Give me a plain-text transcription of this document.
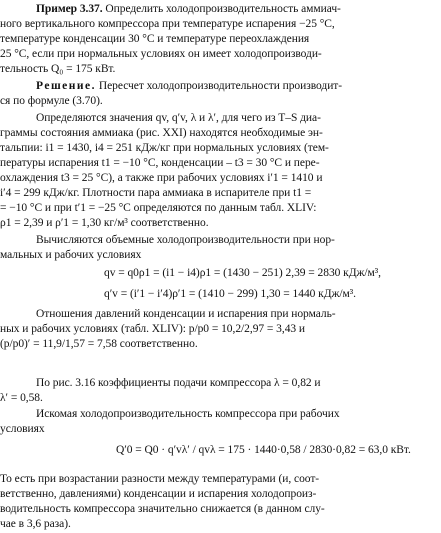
Пример 3.37. Определить холодопроизводительность аммиач-
ного вертикального компрессора при температуре испарения −25 °С,
температуре конденсации 30 °С и температуре переохлаждения
25 °С, если при нормальных условиях он имеет холодопроизводи-
тельность Q₀ = 175 кВт.
Решение. Пересчет холодопроизводительности производит-
ся по формуле (3.70).
Определяются значения qv, q′v, λ и λ′, для чего из T–S диа-
граммы состояния аммиака (рис. XXI) находятся необходимые эн-
тальпии: i1 = 1430, i4 = 251 кДж/кг при нормальных условиях (тем-
пературы испарения t1 = −10 °С, конденсации – t3 = 30 °С и пере-
охлаждения t3 = 25 °С), а также при рабочих условиях i′1 = 1410 и
i′4 = 299 кДж/кг. Плотности пара аммиака в испарителе при t1 =
= −10 °С и при t′1 = −25 °С определяются по данным табл. XLIV:
ρ1 = 2,39 и ρ′1 = 1,30 кг/м³ соответственно.
Вычисляются объемные холодопроизводительности при нор-
мальных и рабочих условиях
qv = q0ρ1 = (i1 − i4)ρ1 = (1430 − 251) 2,39 = 2830 кДж/м³,
q′v = (i′1 − i′4)ρ′1 = (1410 − 299) 1,30 = 1440 кДж/м³.
Отношения давлений конденсации и испарения при нормаль-
ных и рабочих условиях (табл. XLIV): p/p0 = 10,2/2,97 = 3,43 и
(p/p0)′ = 11,9/1,57 = 7,58 соответственно.
По рис. 3.16 коэффициенты подачи компрессора λ = 0,82 и
λ′ = 0,58.
Искомая холодопроизводительность компрессора при рабочих
условиях
Q′0 = Q0 · q′vλ′ / qvλ = 175 · 1440·0,58 / 2830·0,82 = 63,0 кВт.
То есть при возрастании разности между температурами (и, соот-
ветственно, давлениями) конденсации и испарения холодопроиз-
водительность компрессора значительно снижается (в данном слу-
чае в 3,6 раза).
